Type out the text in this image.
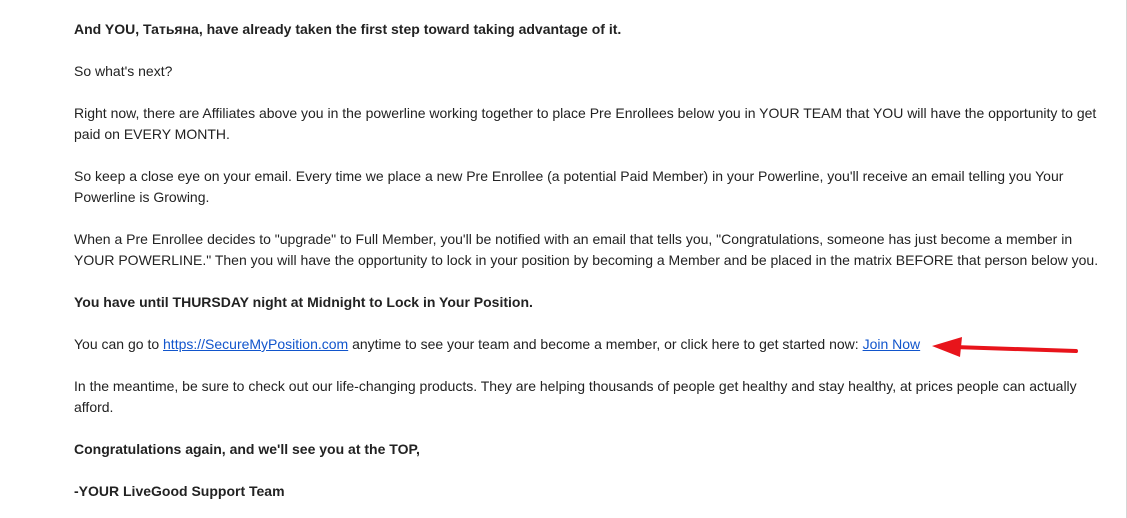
And YOU, Татьяна, have already taken the first step toward taking advantage of it.

So what's next?

Right now, there are Affiliates above you in the powerline working together to place Pre Enrollees below you in YOUR TEAM that YOU will have the opportunity to get paid on EVERY MONTH.

So keep a close eye on your email. Every time we place a new Pre Enrollee (a potential Paid Member) in your Powerline, you'll receive an email telling you Your Powerline is Growing.

When a Pre Enrollee decides to "upgrade" to Full Member, you'll be notified with an email that tells you, "Congratulations, someone has just become a member in YOUR POWERLINE." Then you will have the opportunity to lock in your position by becoming a Member and be placed in the matrix BEFORE that person below you.

You have until THURSDAY night at Midnight to Lock in Your Position.

You can go to https://SecureMyPosition.com anytime to see your team and become a member, or click here to get started now: Join Now

In the meantime, be sure to check out our life-changing products. They are helping thousands of people get healthy and stay healthy, at prices people can actually afford.

Congratulations again, and we'll see you at the TOP,

-YOUR LiveGood Support Team
